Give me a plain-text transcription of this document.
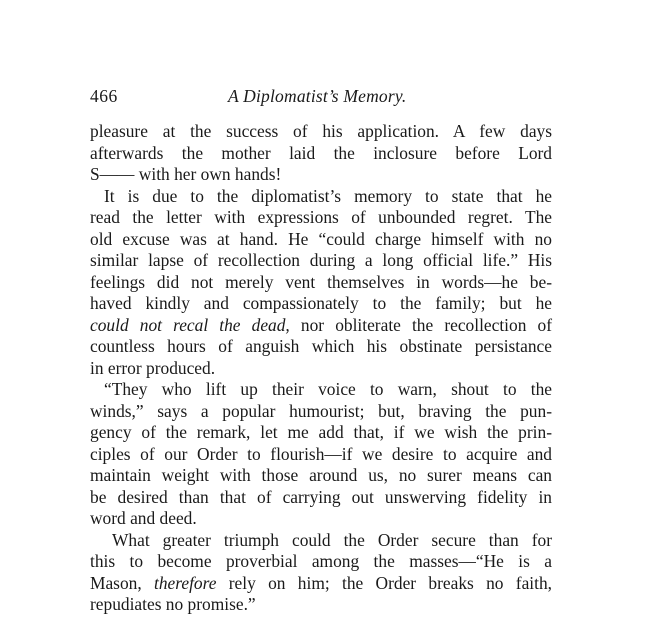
466	A Diplomatist’s Memory.
pleasure at the success of his application. A few days
afterwards the mother laid the inclosure before Lord
S—— with her own hands!
It is due to the diplomatist’s memory to state that he
read the letter with expressions of unbounded regret. The
old excuse was at hand. He “could charge himself with no
similar lapse of recollection during a long official life.” His
feelings did not merely vent themselves in words—he be-
haved kindly and compassionately to the family; but he
could not recal the dead, nor obliterate the recollection of
countless hours of anguish which his obstinate persistance
in error produced.
“They who lift up their voice to warn, shout to the
winds,” says a popular humourist; but, braving the pun-
gency of the remark, let me add that, if we wish the prin-
ciples of our Order to flourish—if we desire to acquire and
maintain weight with those around us, no surer means can
be desired than that of carrying out unswerving fidelity in
word and deed.
What greater triumph could the Order secure than for
this to become proverbial among the masses—“He is a
Mason, therefore rely on him; the Order breaks no faith,
repudiates no promise.”
